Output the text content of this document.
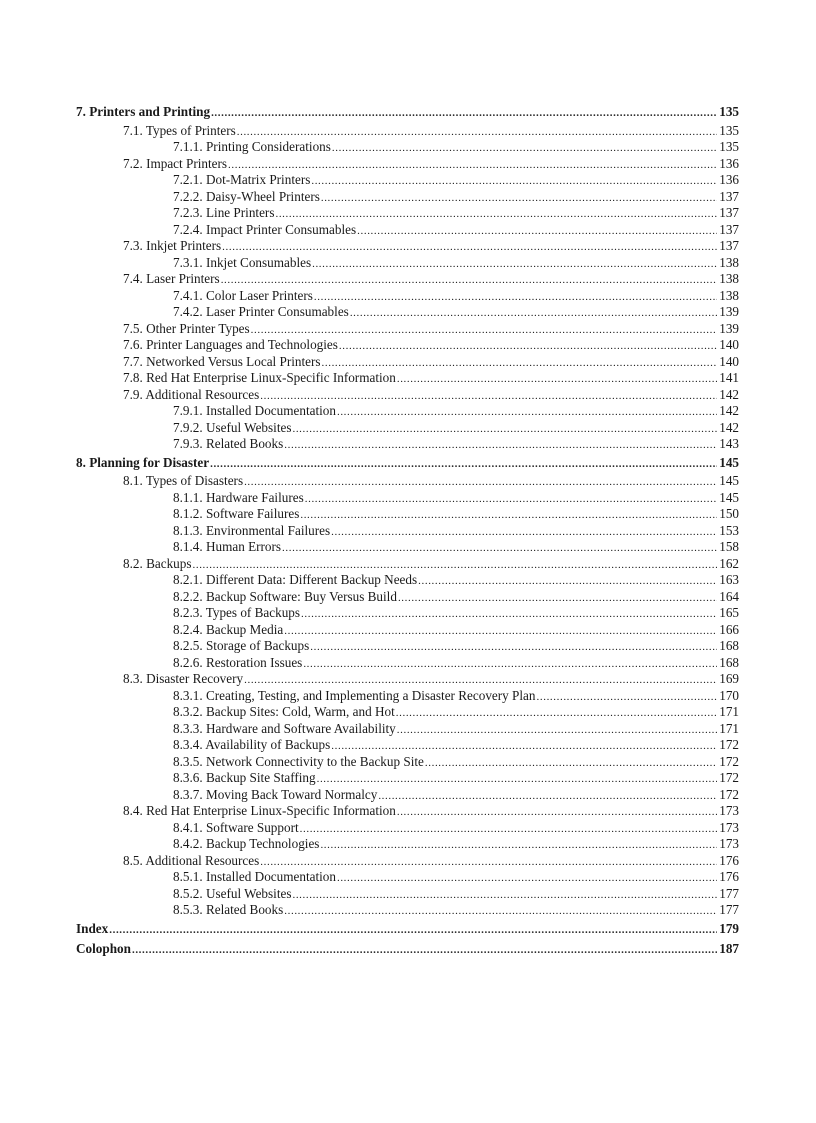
7. Printers and Printing .....	135
7.1. Types of Printers .....	135
7.1.1. Printing Considerations .....	135
7.2. Impact Printers .....	136
7.2.1. Dot-Matrix Printers .....	136
7.2.2. Daisy-Wheel Printers .....	137
7.2.3. Line Printers .....	137
7.2.4. Impact Printer Consumables .....	137
7.3. Inkjet Printers .....	137
7.3.1. Inkjet Consumables .....	138
7.4. Laser Printers .....	138
7.4.1. Color Laser Printers .....	138
7.4.2. Laser Printer Consumables .....	139
7.5. Other Printer Types .....	139
7.6. Printer Languages and Technologies .....	140
7.7. Networked Versus Local Printers .....	140
7.8. Red Hat Enterprise Linux-Specific Information .....	141
7.9. Additional Resources .....	142
7.9.1. Installed Documentation .....	142
7.9.2. Useful Websites .....	142
7.9.3. Related Books .....	143
8. Planning for Disaster .....	145
8.1. Types of Disasters .....	145
8.1.1. Hardware Failures .....	145
8.1.2. Software Failures .....	150
8.1.3. Environmental Failures .....	153
8.1.4. Human Errors .....	158
8.2. Backups .....	162
8.2.1. Different Data: Different Backup Needs .....	163
8.2.2. Backup Software: Buy Versus Build .....	164
8.2.3. Types of Backups .....	165
8.2.4. Backup Media .....	166
8.2.5. Storage of Backups .....	168
8.2.6. Restoration Issues .....	168
8.3. Disaster Recovery .....	169
8.3.1. Creating, Testing, and Implementing a Disaster Recovery Plan .....	170
8.3.2. Backup Sites: Cold, Warm, and Hot .....	171
8.3.3. Hardware and Software Availability .....	171
8.3.4. Availability of Backups .....	172
8.3.5. Network Connectivity to the Backup Site .....	172
8.3.6. Backup Site Staffing .....	172
8.3.7. Moving Back Toward Normalcy .....	172
8.4. Red Hat Enterprise Linux-Specific Information .....	173
8.4.1. Software Support .....	173
8.4.2. Backup Technologies .....	173
8.5. Additional Resources .....	176
8.5.1. Installed Documentation .....	176
8.5.2. Useful Websites .....	177
8.5.3. Related Books .....	177
Index .....	179
Colophon .....	187
